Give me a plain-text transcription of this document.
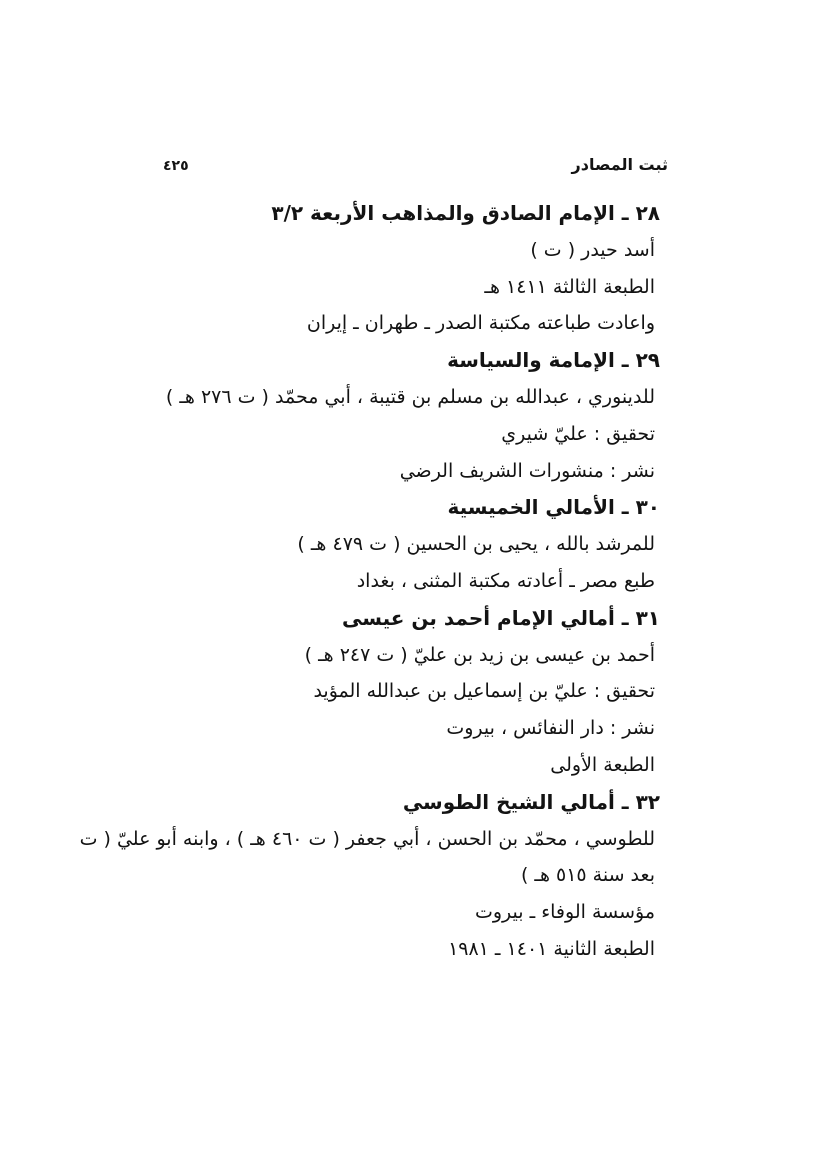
ثبت المصادر
٤٢٥
٢٨ ـ الإمام الصادق والمذاهب الأربعة ٣/٢
أسد حيدر ( ت )
الطبعة الثالثة ١٤١١ هـ
واعادت طباعته مكتبة الصدر ـ طهران ـ إيران
٢٩ ـ الإمامة والسياسة
للدينوري ، عبدالله بن مسلم بن قتيبة ، أبي محمّد ( ت ٢٧٦ هـ )
تحقيق : عليّ شيري
نشر : منشورات الشريف الرضي
٣٠ ـ الأمالي الخميسية
للمرشد بالله ، يحيى بن الحسين ( ت ٤٧٩ هـ )
طبع مصر ـ أعادته مكتبة المثنى ، بغداد
٣١ ـ أمالي الإمام أحمد بن عيسى
أحمد بن عيسى بن زيد بن عليّ ( ت ٢٤٧ هـ )
تحقيق : عليّ بن إسماعيل بن عبدالله المؤيد
نشر : دار النفائس ، بيروت
الطبعة الأولى
٣٢ ـ أمالي الشيخ الطوسي
للطوسي ، محمّد بن الحسن ، أبي جعفر ( ت ٤٦٠ هـ ) ، وابنه أبو عليّ ( ت
بعد سنة ٥١٥ هـ )
مؤسسة الوفاء ـ بيروت
الطبعة الثانية ١٤٠١ ـ ١٩٨١
